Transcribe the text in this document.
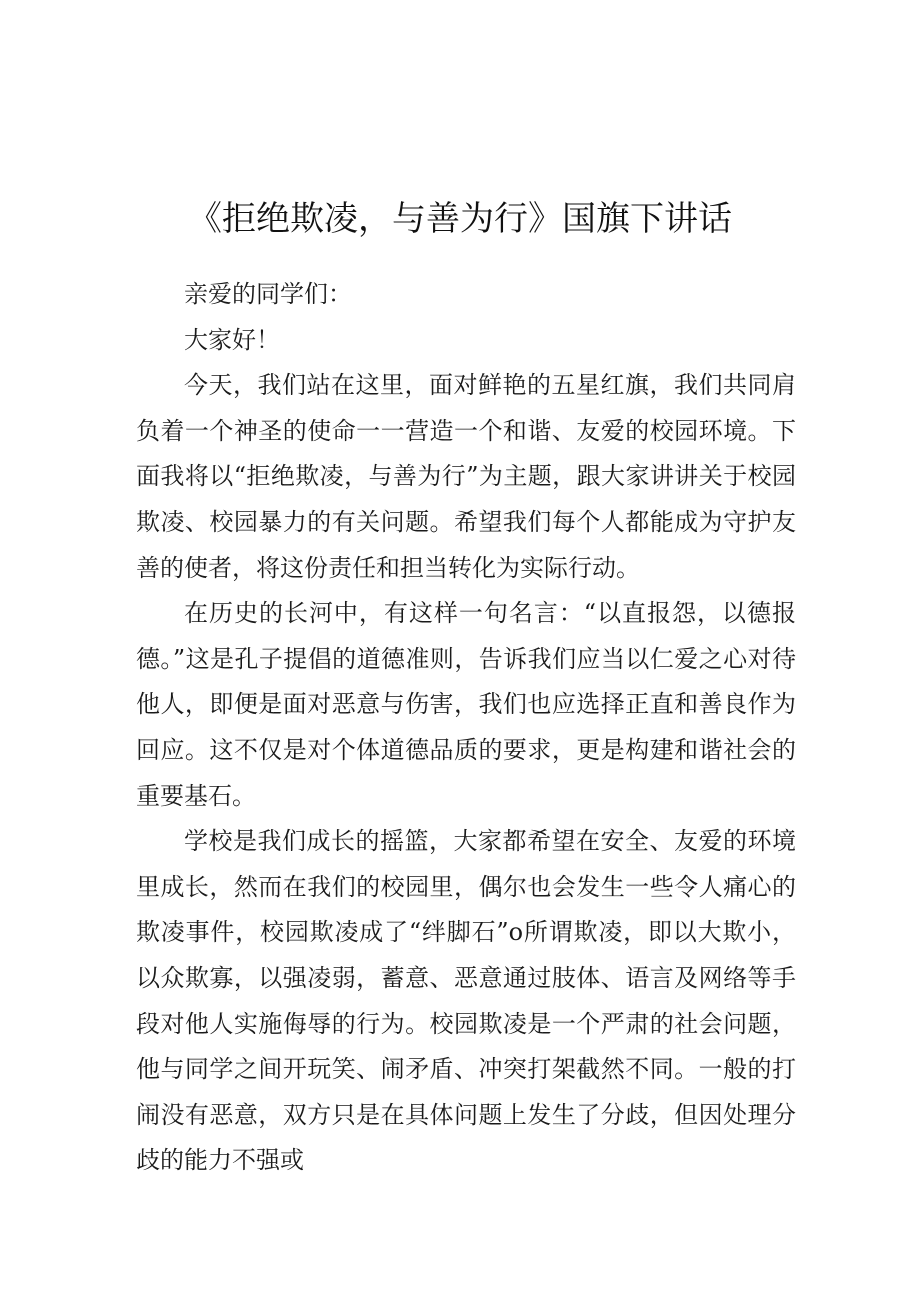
《拒绝欺凌，与善为行》国旗下讲话

亲爱的同学们：

大家好！

今天，我们站在这里，面对鲜艳的五星红旗，我们共同肩负着一个神圣的使命一一营造一个和谐、友爱的校园环境。下面我将以“拒绝欺凌，与善为行”为主题，跟大家讲讲关于校园欺凌、校园暴力的有关问题。希望我们每个人都能成为守护友善的使者，将这份责任和担当转化为实际行动。

在历史的长河中，有这样一句名言：“以直报怨，以德报德。”这是孔子提倡的道德准则，告诉我们应当以仁爱之心对待他人，即便是面对恶意与伤害，我们也应选择正直和善良作为回应。这不仅是对个体道德品质的要求，更是构建和谐社会的重要基石。

学校是我们成长的摇篮，大家都希望在安全、友爱的环境里成长，然而在我们的校园里，偶尔也会发生一些令人痛心的欺凌事件，校园欺凌成了“绊脚石”o所谓欺凌，即以大欺小，以众欺寡，以强凌弱，蓄意、恶意通过肢体、语言及网络等手段对他人实施侮辱的行为。校园欺凌是一个严肃的社会问题，他与同学之间开玩笑、闹矛盾、冲突打架截然不同。一般的打闹没有恶意，双方只是在具体问题上发生了分歧，但因处理分歧的能力不强或
